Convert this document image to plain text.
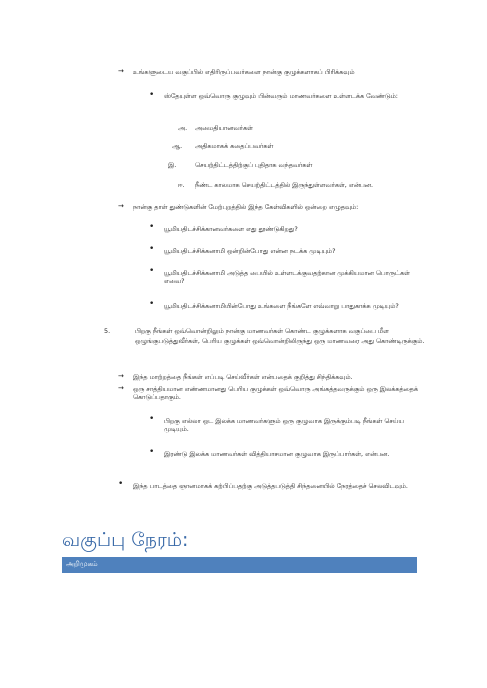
→ உங்களுடைய வகுப்பில் எதிரிருப்பவர்களை நான்கு குழுக்களாகப் பிரிக்கவும்
• ஸ்தேயுள்ள ஒவ்வொரு குழுவும் பின்வரும் மாணவர்களை உள்ளடக்க வேண்டும்:
அ. அமைதியானவர்கள்
ஆ. அதிகமாகக் கதைப்பவர்கள்
இ.	செயற்திட்டத்திற்குப் புதிதாக வந்தவர்கள்
ஈ. நீண்ட காலமாக செயற்திட்டத்தில் இருந்துள்ளவர்கள், என்பன.
→ நான்கு தாள் துண்டுகளின் மேற்புறத்தில் இந்த கேள்விகளில் ஒன்றை எழுதவும்:
• யூமியதிடச்சிக்கானவர்களை எது தூண்டுகிறது?
• யூமியதிடச்சிக்கனாமி ஒன்றின்போது என்ன நடக்க முடியும்?
• யூமியதிடச்சிக்கனாமி அடுத்த பையில் உள்ளடக்குவதற்கான முக்கியமான பொருட்கள் எவை?
• யூமியதிடச்சிக்கனாமியின்போது உங்களை நீங்களே எவ்வாறு பாதுகாக்க முடியும்?
5.	பிறகு நீங்கள் ஒவ்வொன்றிலும் நான்கு மாணவர்கள் கொண்ட குழுக்களாக வகுப்பை மீள ஒழுங்குபடுத்துவீர்கள், பெரிய குழுக்கள் ஒவ்வொன்றிலிருந்து ஒரு மாணவரை அது கொண்டிருக்கும்.
→ இந்த மாற்றத்தை நீங்கள் எப்படி செய்வீர்கள் என்பதைக் குறித்து சிந்திக்கவும்.
→ ஒரு சாத்தியமான எண்ணமானது பெரிய குழுக்கள் ஒவ்வொரு அங்கத்தவருக்கும் ஒரு இலக்கத்தைக் கொடுப்பதாகும்.
• பிறகு எல்லா ஒட இலக்க மாணவர்களும் ஒரு குழுவாக இருக்கும்படி நீங்கள் செய்ய முடியும்.
• இரண்டு இலக்க மாணவர்கள் வித்தியாசமான குழுவாக இருப்பார்கள், என்பன.
• இந்த பாடத்தை ஞானமாகக் கற்பிப்பதற்கு அடுத்தபடுத்தி சிந்தனையில் நேரத்தைச் செலவிடவும்.
வகுப்பு நேரம்:
அறிமுகம்
